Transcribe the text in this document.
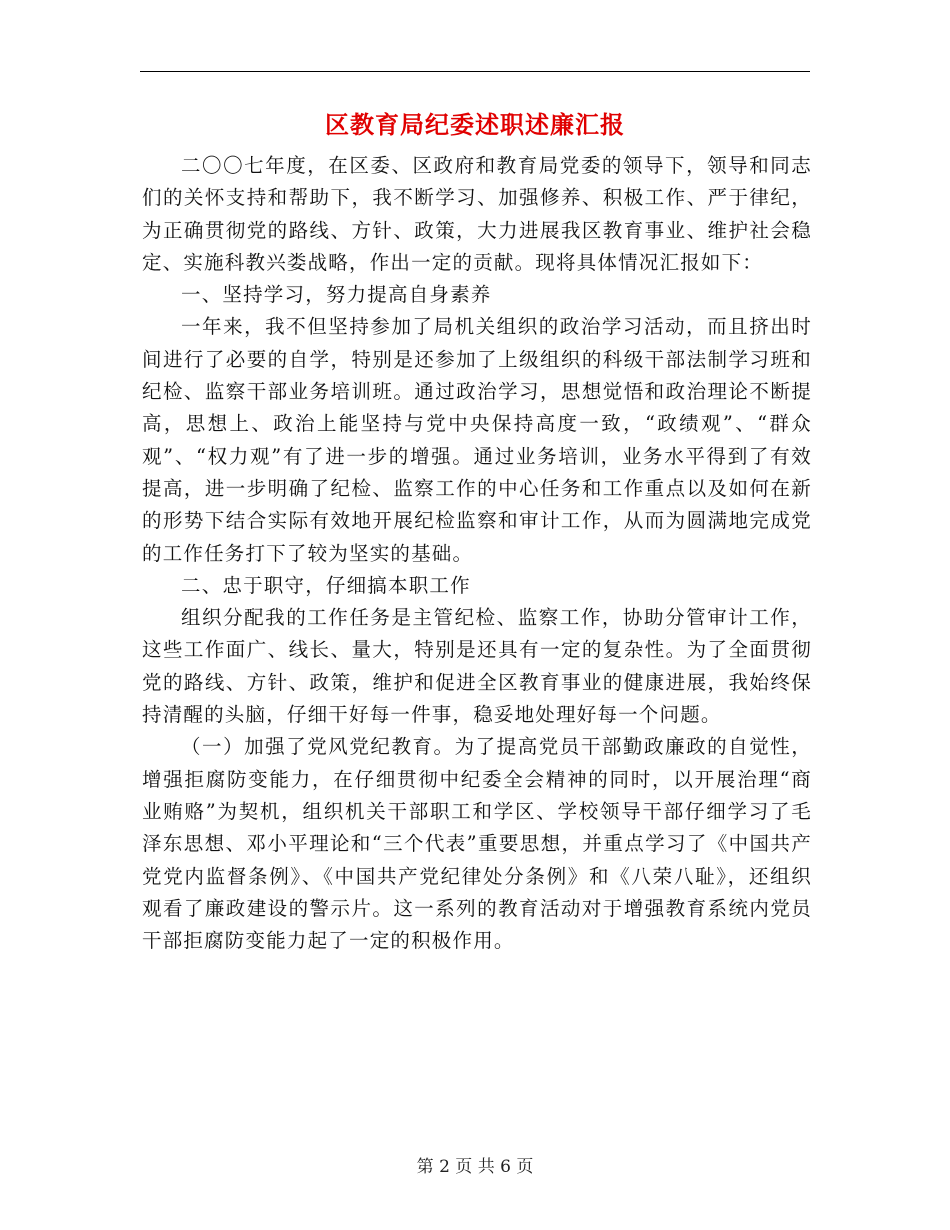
区教育局纪委述职述廉汇报

二〇〇七年度，在区委、区政府和教育局党委的领导下，领导和同志们的关怀支持和帮助下，我不断学习、加强修养、积极工作、严于律纪，为正确贯彻党的路线、方针、政策，大力进展我区教育事业、维护社会稳定、实施科教兴娄战略，作出一定的贡献。现将具体情况汇报如下：

一、坚持学习，努力提高自身素养

一年来，我不但坚持参加了局机关组织的政治学习活动，而且挤出时间进行了必要的自学，特别是还参加了上级组织的科级干部法制学习班和纪检、监察干部业务培训班。通过政治学习，思想觉悟和政治理论不断提高，思想上、政治上能坚持与党中央保持高度一致，“政绩观”、“群众观”、“权力观”有了进一步的增强。通过业务培训，业务水平得到了有效提高，进一步明确了纪检、监察工作的中心任务和工作重点以及如何在新的形势下结合实际有效地开展纪检监察和审计工作，从而为圆满地完成党的工作任务打下了较为坚实的基础。

二、忠于职守，仔细搞本职工作

组织分配我的工作任务是主管纪检、监察工作，协助分管审计工作，这些工作面广、线长、量大，特别是还具有一定的复杂性。为了全面贯彻党的路线、方针、政策，维护和促进全区教育事业的健康进展，我始终保持清醒的头脑，仔细干好每一件事，稳妥地处理好每一个问题。

（一）加强了党风党纪教育。为了提高党员干部勤政廉政的自觉性，增强拒腐防变能力，在仔细贯彻中纪委全会精神的同时，以开展治理“商业贿赂”为契机，组织机关干部职工和学区、学校领导干部仔细学习了毛泽东思想、邓小平理论和“三个代表”重要思想，并重点学习了《中国共产党党内监督条例》、《中国共产党纪律处分条例》和《八荣八耻》，还组织观看了廉政建设的警示片。这一系列的教育活动对于增强教育系统内党员干部拒腐防变能力起了一定的积极作用。

第 2 页 共 6 页
